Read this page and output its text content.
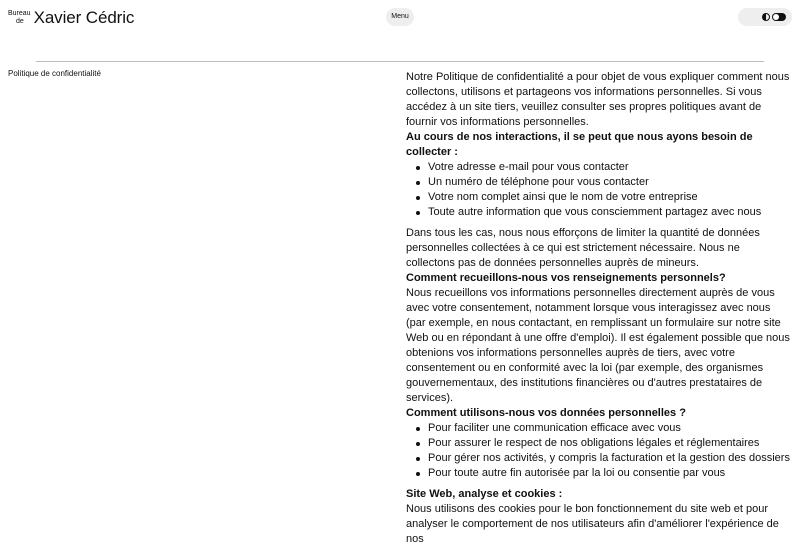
Bureau
de Xavier Cédric	Menu
Politique de confidentialité	Notre Politique de confidentialité a pour objet de vous expliquer comment nous collectons, utilisons et partageons vos informations personnelles. Si vous accédez à un site tiers, veuillez consulter ses propres politiques avant de fournir vos informations personnelles.

Au cours de nos interactions, il se peut que nous ayons besoin de collecter :
Votre adresse e-mail pour vous contacter
Un numéro de téléphone pour vous contacter
Votre nom complet ainsi que le nom de votre entreprise
Toute autre information que vous consciemment partagez avec nous

Dans tous les cas, nous nous efforçons de limiter la quantité de données personnelles collectées à ce qui est strictement nécessaire. Nous ne collectons pas de données personnelles auprès de mineurs.

Comment recueillons-nous vos renseignements personnels?

Nous recueillons vos informations personnelles directement auprès de vous avec votre consentement, notamment lorsque vous interagissez avec nous (par exemple, en nous contactant, en remplissant un formulaire sur notre site Web ou en répondant à une offre d'emploi). Il est également possible que nous obtenions vos informations personnelles auprès de tiers, avec votre consentement ou en conformité avec la loi (par exemple, des organismes gouvernementaux, des institutions financières ou d'autres prestataires de services).

Comment utilisons-nous vos données personnelles ?
Pour faciliter une communication efficace avec vous
Pour assurer le respect de nos obligations légales et réglementaires
Pour gérer nos activités, y compris la facturation et la gestion des dossiers
Pour toute autre fin autorisée par la loi ou consentie par vous
Site Web, analyse et cookies :

Nous utilisons des cookies pour le bon fonctionnement du site web et pour analyser le comportement de nos utilisateurs afin d'améliorer l'expérience de nos
